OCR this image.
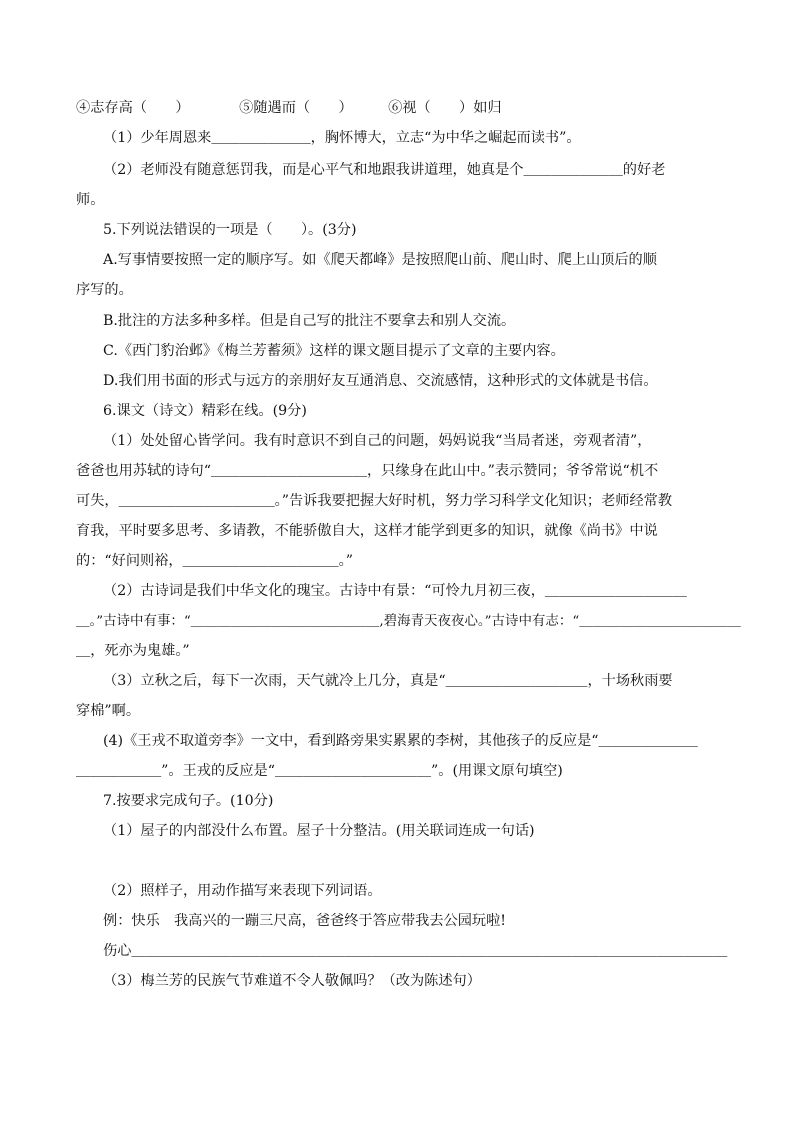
④志存高（　　）　　　　⑤随遇而（　　）　　　⑥视（　　）如归
（1）少年周恩来＿＿＿＿＿＿＿，胸怀博大，立志“为中华之崛起而读书”。
（2）老师没有随意惩罚我，而是心平气和地跟我讲道理，她真是个＿＿＿＿＿＿＿的好老
师。
5.下列说法错误的一项是（　　）。(3分)
A.写事情要按照一定的顺序写。如《爬天都峰》是按照爬山前、爬山时、爬上山顶后的顺
序写的。
B.批注的方法多种多样。但是自己写的批注不要拿去和别人交流。
C.《西门豹治邺》《梅兰芳蓄须》这样的课文题目提示了文章的主要内容。
D.我们用书面的形式与远方的亲朋好友互通消息、交流感情，这种形式的文体就是书信。
6.课文（诗文）精彩在线。(9分)
（1）处处留心皆学问。我有时意识不到自己的问题，妈妈说我“当局者迷，旁观者清”，
爸爸也用苏轼的诗句“＿＿＿＿＿＿＿＿＿＿＿，只缘身在此山中。”表示赞同；爷爷常说“机不
可失，＿＿＿＿＿＿＿＿＿＿＿。”告诉我要把握大好时机，努力学习科学文化知识；老师经常教
育我，平时要多思考、多请教，不能骄傲自大，这样才能学到更多的知识，就像《尚书》中说
的：“好问则裕，＿＿＿＿＿＿＿＿＿＿＿。”
（2）古诗词是我们中华文化的瑰宝。古诗中有景：“可怜九月初三夜，＿＿＿＿＿＿＿＿＿＿
＿。”古诗中有事：“＿＿＿＿＿＿＿＿＿＿＿＿＿＿,碧海青天夜夜心。”古诗中有志：“＿＿＿＿＿＿＿＿＿＿＿＿
＿，死亦为鬼雄。”
（3）立秋之后，每下一次雨，天气就冷上几分，真是“＿＿＿＿＿＿＿＿＿＿，十场秋雨要
穿棉”啊。
(4)《王戎不取道旁李》一文中，看到路旁果实累累的李树，其他孩子的反应是“＿＿＿＿＿＿＿
＿＿＿＿＿＿”。王戎的反应是“＿＿＿＿＿＿＿＿＿＿＿”。(用课文原句填空)
7.按要求完成句子。(10分)
（1）屋子的内部没什么布置。屋子十分整洁。(用关联词连成一句话)
（2）照样子，用动作描写来表现下列词语。
例：快乐　我高兴的一蹦三尺高，爸爸终于答应带我去公园玩啦!
伤心＿＿＿＿＿＿＿＿＿＿＿＿＿＿＿＿＿＿＿＿＿＿＿＿＿＿＿＿＿＿＿＿＿＿＿＿＿＿＿＿＿＿
（3）梅兰芳的民族气节难道不令人敬佩吗？（改为陈述句）
